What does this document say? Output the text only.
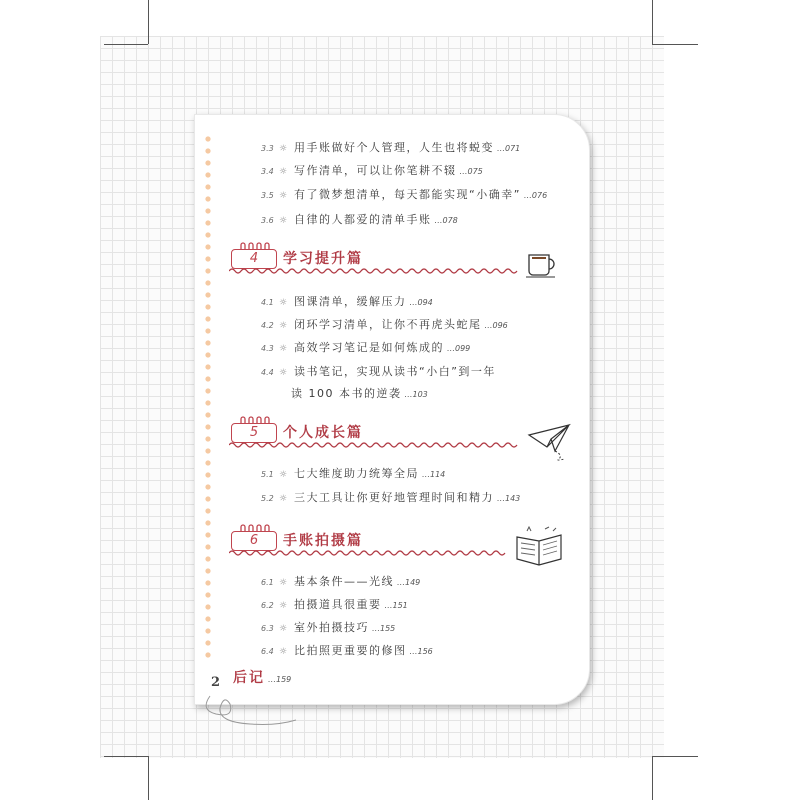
3.3 ☼ 用手账做好个人管理，人生也将蜕变 …071
3.4 ☼ 写作清单，可以让你笔耕不辍 …075
3.5 ☼ 有了微梦想清单，每天都能实现“小确幸” …076
3.6 ☼ 自律的人都爱的清单手账 …078
4	学习提升篇
4.1 ☼ 图课清单，缓解压力 …094
4.2 ☼ 闭环学习清单，让你不再虎头蛇尾 …096
4.3 ☼ 高效学习笔记是如何炼成的 …099
4.4 ☼ 读书笔记，实现从读书“小白”到一年
读 100 本书的逆袭 …103
5	个人成长篇
5.1 ☼ 七大维度助力统筹全局 …114
5.2 ☼ 三大工具让你更好地管理时间和精力 …143
6	手账拍摄篇
6.1 ☼ 基本条件——光线 …149
6.2 ☼ 拍摄道具很重要 …151
6.3 ☼ 室外拍摄技巧 …155
6.4 ☼ 比拍照更重要的修图 …156
后记 …159
2
